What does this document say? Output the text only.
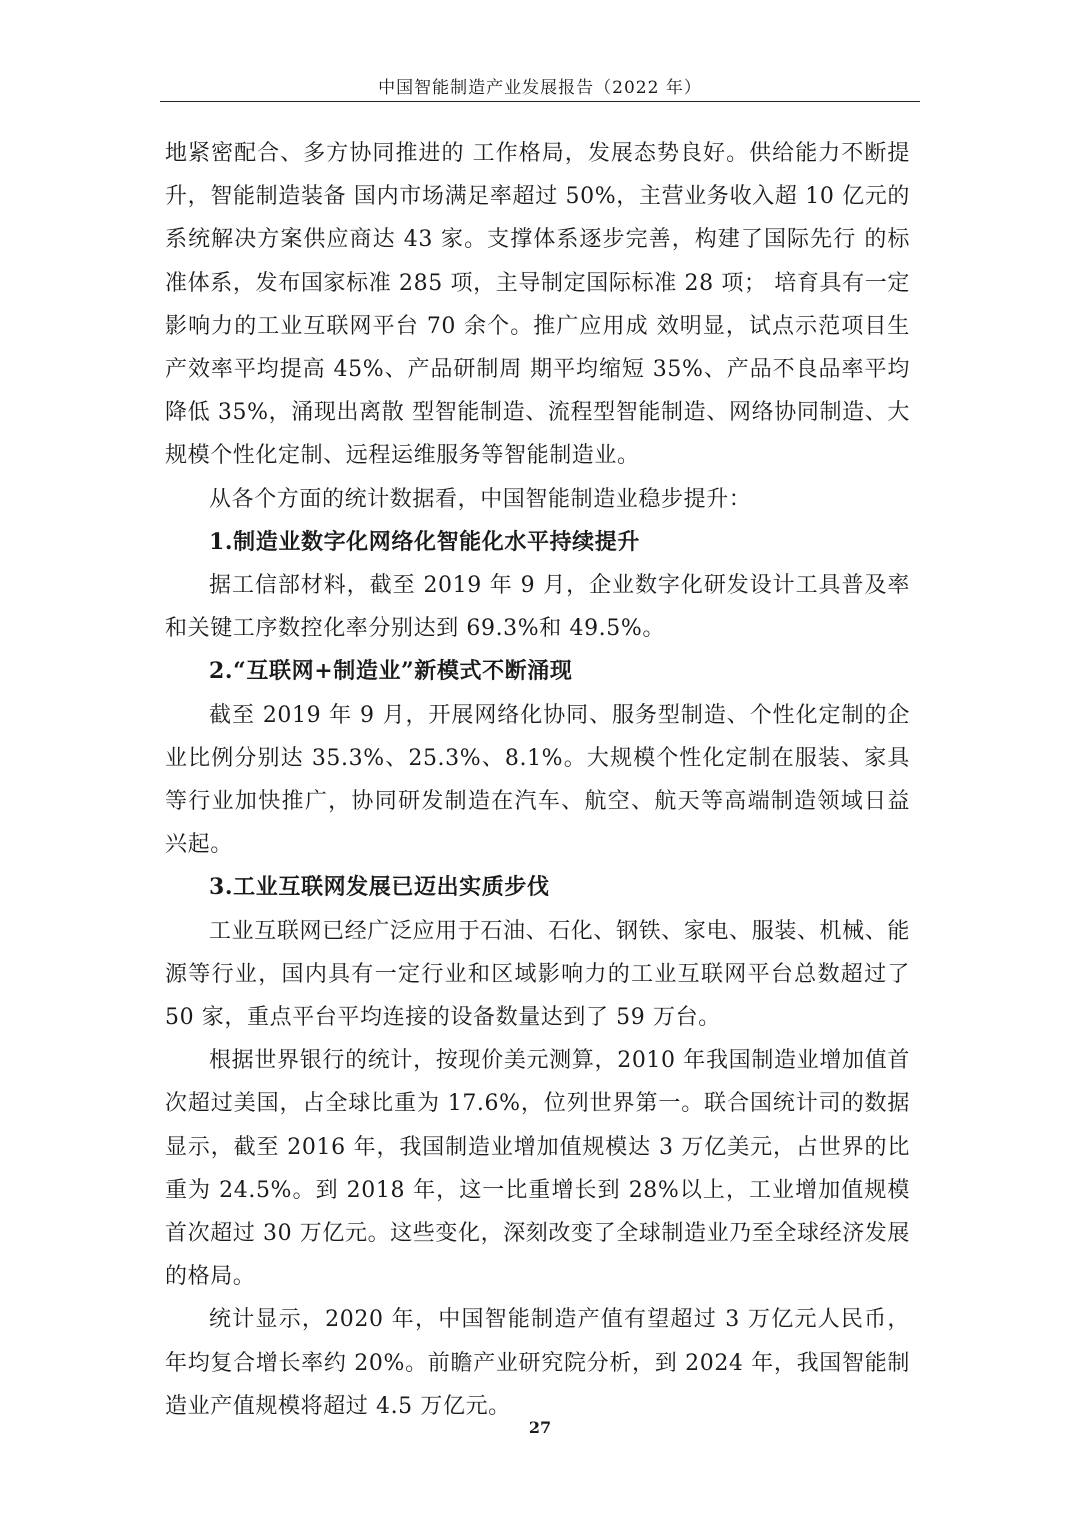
中国智能制造产业发展报告（2022 年）

地紧密配合、多方协同推进的 工作格局，发展态势良好。供给能力不断提升，智能制造装备 国内市场满足率超过 50%，主营业务收入超 10 亿元的系统解决方案供应商达 43 家。支撑体系逐步完善，构建了国际先行 的标准体系，发布国家标准 285 项，主导制定国际标准 28 项； 培育具有一定影响力的工业互联网平台 70 余个。推广应用成 效明显，试点示范项目生产效率平均提高 45%、产品研制周 期平均缩短 35%、产品不良品率平均降低 35%，涌现出离散 型智能制造、流程型智能制造、网络协同制造、大规模个性化定制、远程运维服务等智能制造业。

从各个方面的统计数据看，中国智能制造业稳步提升：

1.制造业数字化网络化智能化水平持续提升

据工信部材料，截至 2019 年 9 月，企业数字化研发设计工具普及率和关键工序数控化率分别达到 69.3%和 49.5%。

2.“互联网+制造业”新模式不断涌现

截至 2019 年 9 月，开展网络化协同、服务型制造、个性化定制的企业比例分别达 35.3%、25.3%、8.1%。大规模个性化定制在服装、家具等行业加快推广，协同研发制造在汽车、航空、航天等高端制造领域日益兴起。

3.工业互联网发展已迈出实质步伐

工业互联网已经广泛应用于石油、石化、钢铁、家电、服装、机械、能源等行业，国内具有一定行业和区域影响力的工业互联网平台总数超过了 50 家，重点平台平均连接的设备数量达到了 59 万台。

根据世界银行的统计，按现价美元测算，2010 年我国制造业增加值首次超过美国，占全球比重为 17.6%，位列世界第一。联合国统计司的数据显示，截至 2016 年，我国制造业增加值规模达 3 万亿美元，占世界的比重为 24.5%。到 2018 年，这一比重增长到 28%以上，工业增加值规模首次超过 30 万亿元。这些变化，深刻改变了全球制造业乃至全球经济发展的格局。

统计显示，2020 年，中国智能制造产值有望超过 3 万亿元人民币，年均复合增长率约 20%。前瞻产业研究院分析，到 2024 年，我国智能制造业产值规模将超过 4.5 万亿元。

27
